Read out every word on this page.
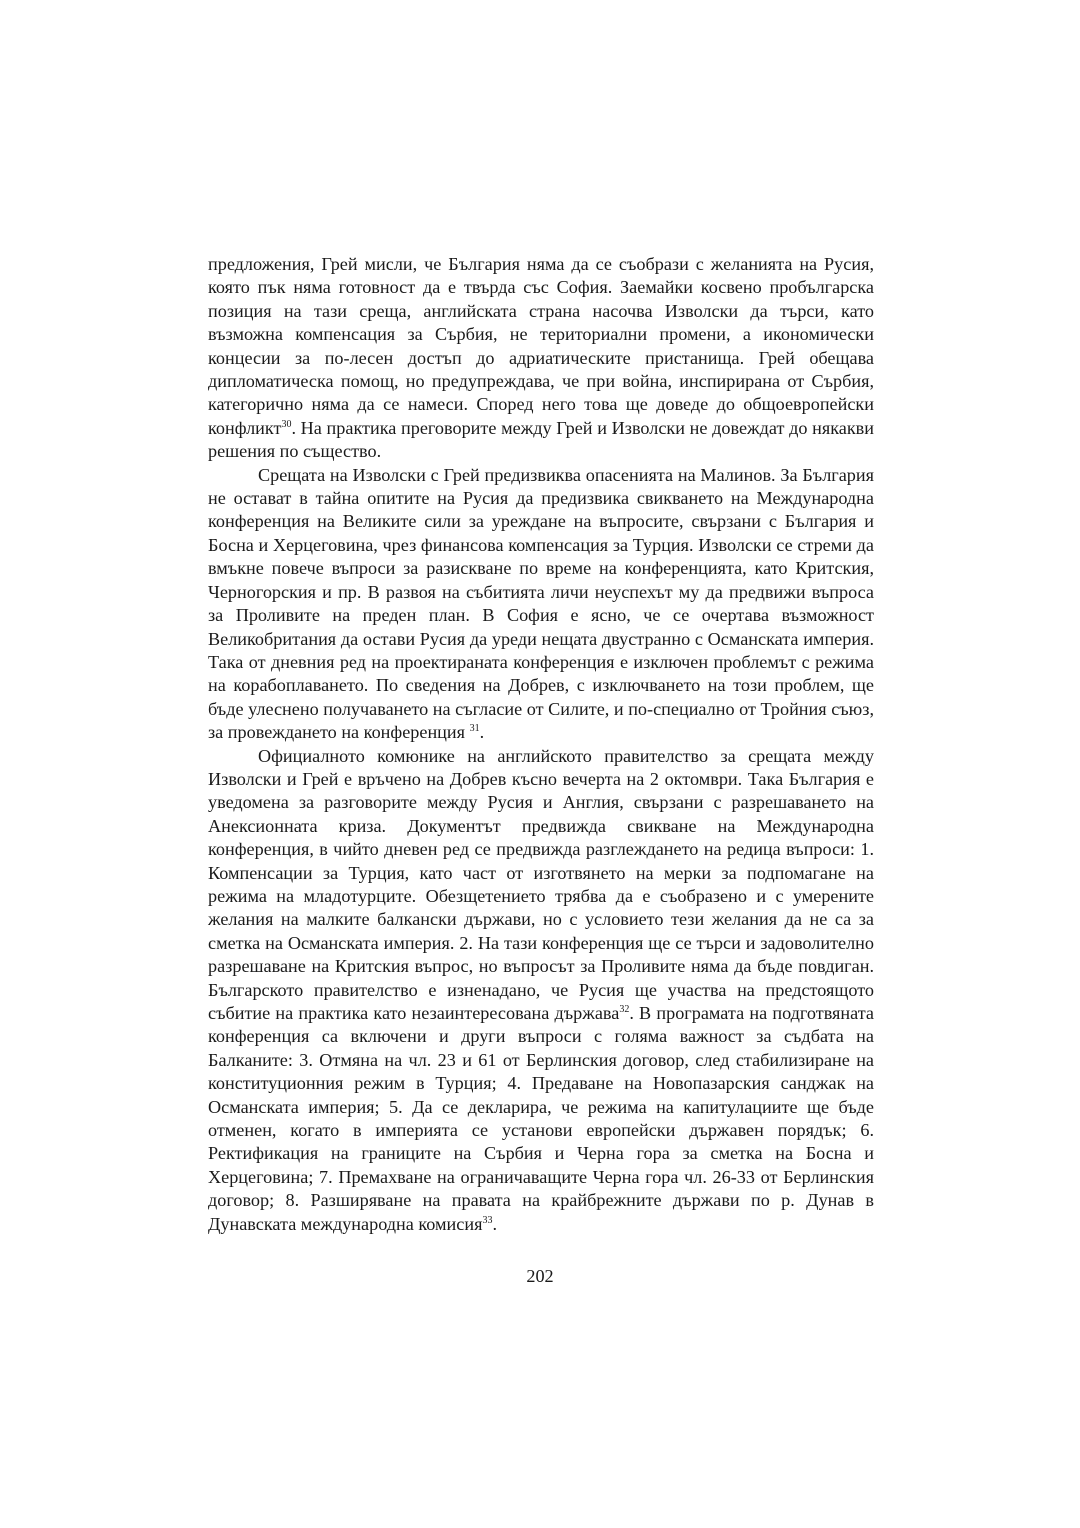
предложения, Грей мисли, че България няма да се съобрази с желанията на Русия, която пък няма готовност да е твърда със София. Заемайки косвено пробългарска позиция на тази среща, английската страна насочва Изволски да търси, като възможна компенсация за Сърбия, не териториални промени, а икономически концесии за по-лесен достъп до адриатическите пристанища. Грей обещава дипломатическа помощ, но предупреждава, че при война, инспирирана от Сърбия, категорично няма да се намеси. Според него това ще доведе до общоевропейски конфликт$^{30}$. На практика преговорите между Грей и Изволски не довеждат до някакви решения по същество.

Срещата на Изволски с Грей предизвиква опасенията на Малинов. За България не остават в тайна опитите на Русия да предизвика свикването на Международна конференция на Великите сили за уреждане на въпросите, свързани с България и Босна и Херцеговина, чрез финансова компенсация за Турция. Изволски се стреми да вмъкне повече въпроси за разискване по време на конференцията, като Критския, Черногорския и пр. В развоя на събитията личи неуспехът му да предвижи въпроса за Проливите на преден план. В София е ясно, че се очертава възможност Великобритания да остави Русия да уреди нещата двустранно с Османската империя. Така от дневния ред на проектираната конференция е изключен проблемът с режима на корабоплаването. По сведения на Добрев, с изключването на този проблем, ще бъде улеснено получаването на съгласие от Силите, и по-специално от Тройния съюз, за провеждането на конференция $^{31}$.

Официалното комюнике на английското правителство за срещата между Изволски и Грей е връчено на Добрев късно вечерта на 2 октомври. Така България е уведомена за разговорите между Русия и Англия, свързани с разрешаването на Анексионната криза. Документът предвижда свикване на Международна конференция, в чийто дневен ред се предвижда разглеждането на редица въпроси: 1. Компенсации за Турция, като част от изготвянето на мерки за подпомагане на режима на младотурците. Обезщетението трябва да е съобразено и с умерените желания на малките балкански държави, но с условието тези желания да не са за сметка на Османската империя. 2. На тази конференция ще се търси и задоволително разрешаване на Критския въпрос, но въпросът за Проливите няма да бъде повдиган. Българското правителство е изненадано, че Русия ще участва на предстоящото събитие на практика като незаинтересована държава$^{32}$. В програмата на подготвяната конференция са включени и други въпроси с голяма важност за съдбата на Балканите: 3. Отмяна на чл. 23 и 61 от Берлинския договор, след стабилизиране на конституционния режим в Турция; 4. Предаване на Новопазарския санджак на Османската империя; 5. Да се декларира, че режима на капитулациите ще бъде отменен, когато в империята се установи европейски държавен порядък; 6. Ректификация на границите на Сърбия и Черна гора за сметка на Босна и Херцеговина; 7. Премахване на ограничаващите Черна гора чл. 26-33 от Берлинския договор; 8. Разширяване на правата на крайбрежните държави по р. Дунав в Дунавската международна комисия$^{33}$.

202
